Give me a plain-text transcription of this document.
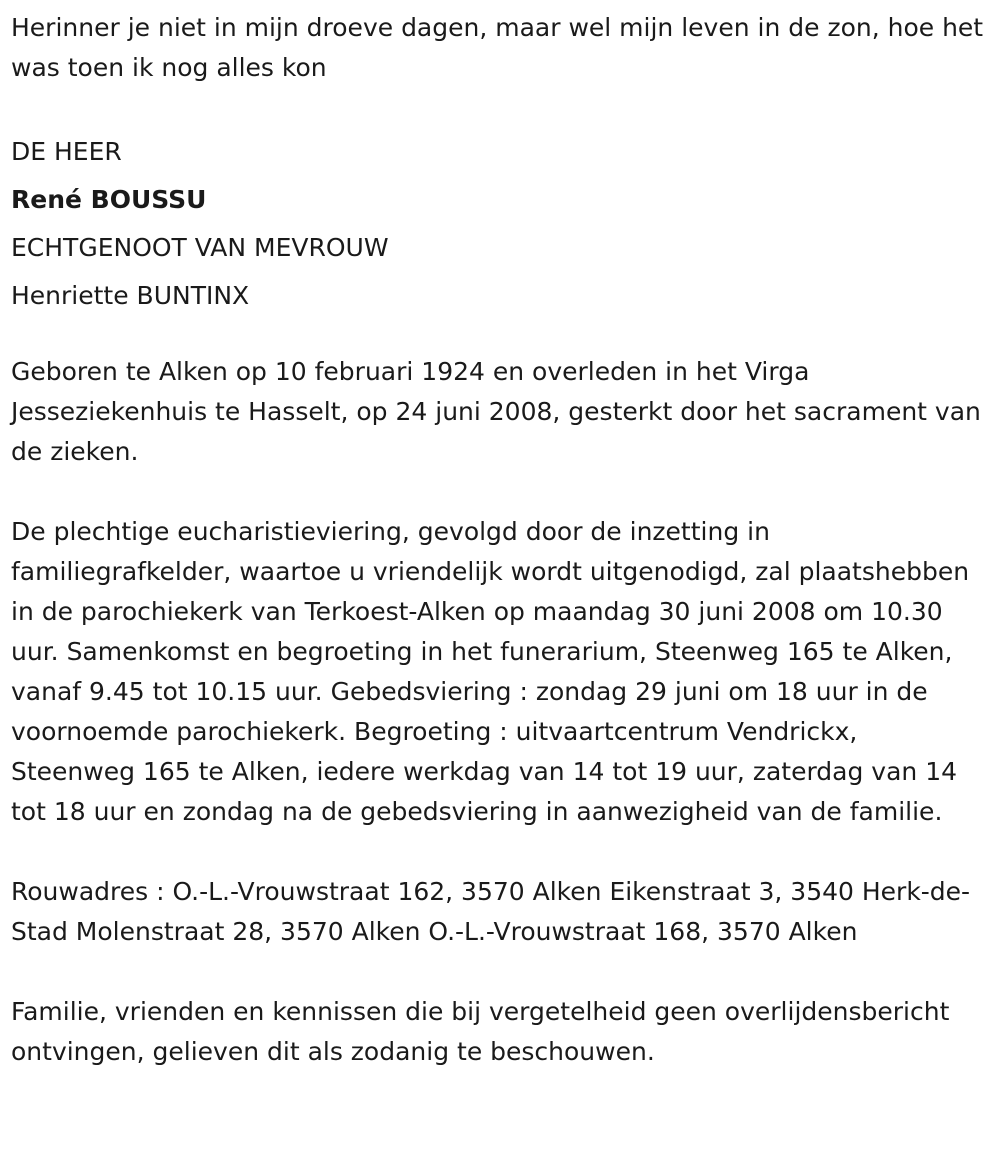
Herinner je niet in mijn droeve dagen, maar wel mijn leven in de zon, hoe het was toen ik nog alles kon

DE HEER

René BOUSSU

ECHTGENOOT VAN MEVROUW

Henriette BUNTINX

Geboren te Alken op 10 februari 1924 en overleden in het Virga Jesseziekenhuis te Hasselt, op 24 juni 2008, gesterkt door het sacrament van de zieken.

De plechtige eucharistieviering, gevolgd door de inzetting in familiegrafkelder, waartoe u vriendelijk wordt uitgenodigd, zal plaatshebben in de parochiekerk van Terkoest-Alken op maandag 30 juni 2008 om 10.30 uur. Samenkomst en begroeting in het funerarium, Steenweg 165 te Alken, vanaf 9.45 tot 10.15 uur. Gebedsviering : zondag 29 juni om 18 uur in de voornoemde parochiekerk. Begroeting : uitvaartcentrum Vendrickx, Steenweg 165 te Alken, iedere werkdag van 14 tot 19 uur, zaterdag van 14 tot 18 uur en zondag na de gebedsviering in aanwezigheid van de familie.

Rouwadres : O.-L.-Vrouwstraat 162, 3570 Alken Eikenstraat 3, 3540 Herk-de-Stad Molenstraat 28, 3570 Alken O.-L.-Vrouwstraat 168, 3570 Alken

Familie, vrienden en kennissen die bij vergetelheid geen overlijdensbericht ontvingen, gelieven dit als zodanig te beschouwen.
